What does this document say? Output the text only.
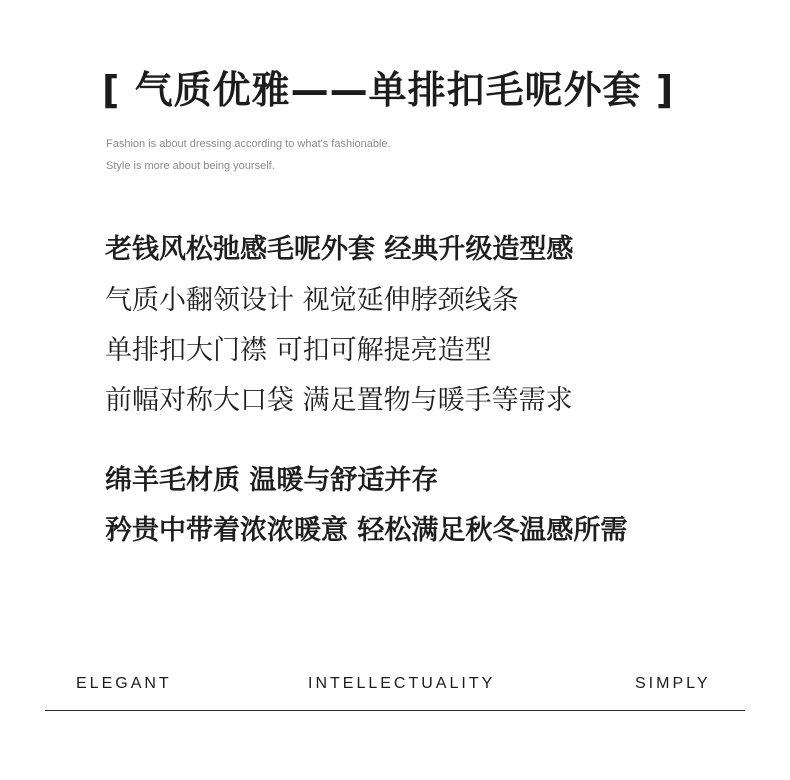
[ 气质优雅——单排扣毛呢外套 ]
Fashion is about dressing according to what's fashionable.
Style is more about being yourself.
老钱风松弛感毛呢外套 经典升级造型感
气质小翻领设计 视觉延伸脖颈线条
单排扣大门襟 可扣可解提亮造型
前幅对称大口袋 满足置物与暖手等需求
绵羊毛材质 温暖与舒适并存
矜贵中带着浓浓暖意 轻松满足秋冬温感所需
ELEGANT	INTELLECTUALITY	SIMPLY
